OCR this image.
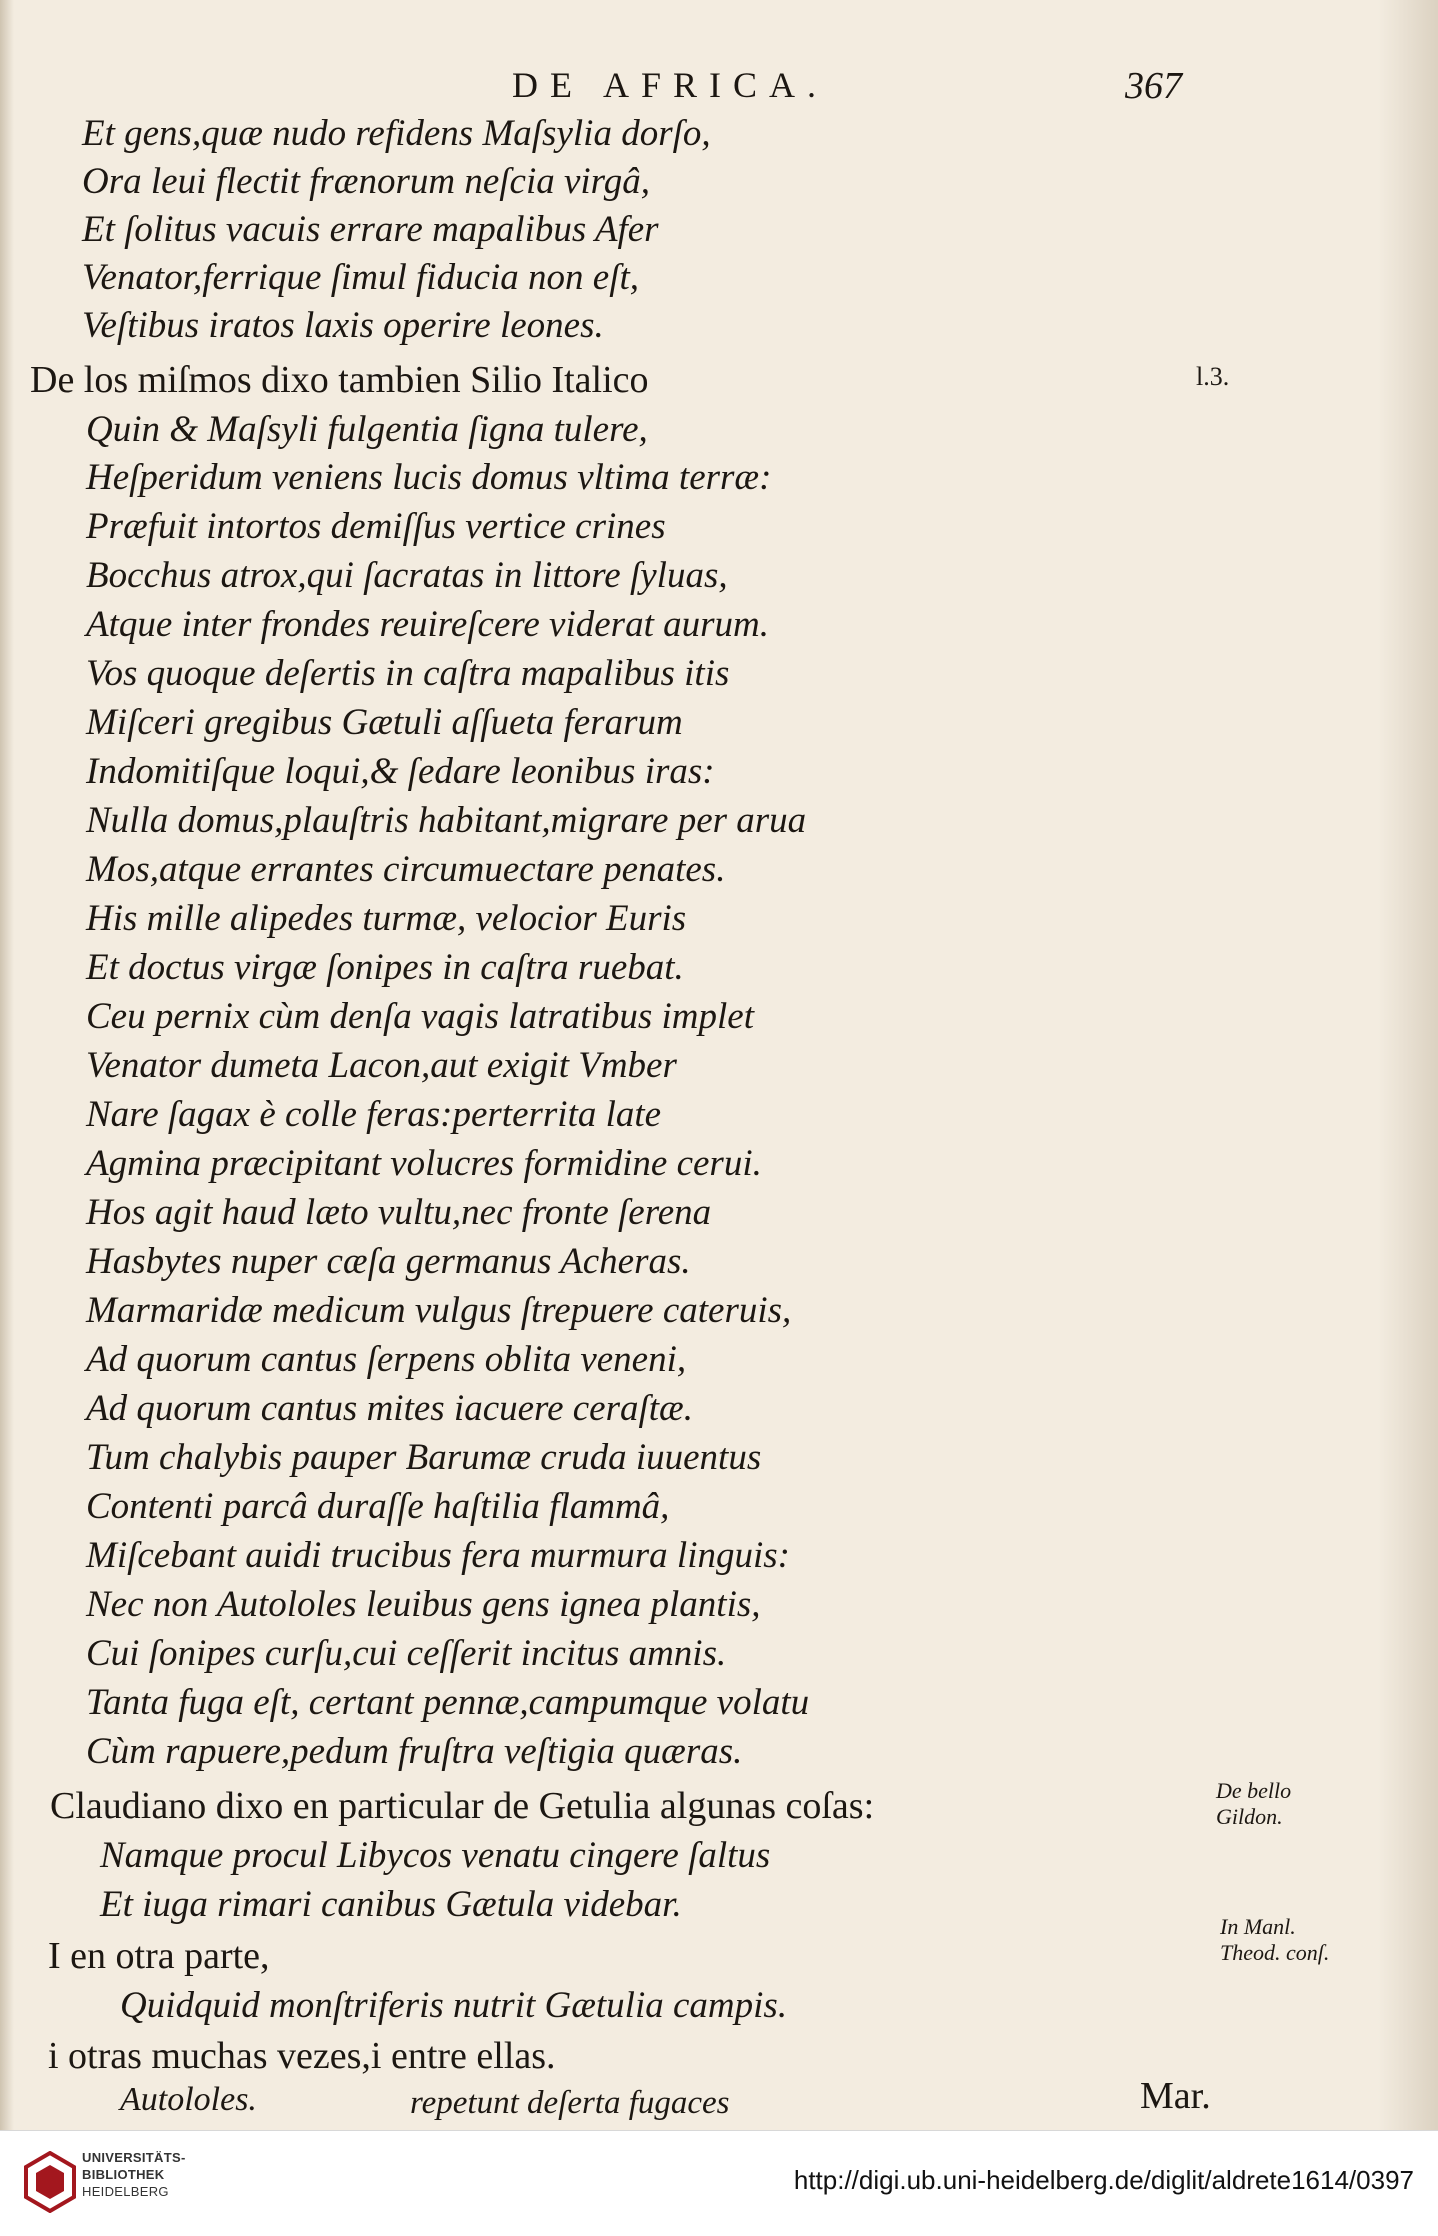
DE AFRICA.	367
Et gens,quæ nudo refidens Maſsylia dorſo,
Ora leui flectit frænorum neſcia virgâ,
Et ſolitus vacuis errare mapalibus Afer
Venator,ferrique ſimul fiducia non eſt,
Veſtibus iratos laxis operire leones.
De los miſmos dixo tambien Silio Italico
Quin & Maſsyli fulgentia ſigna tulere,
Heſperidum veniens lucis domus vltima terræ:
Præfuit intortos demiſſus vertice crines
Bocchus atrox,qui ſacratas in littore ſyluas,
Atque inter frondes reuireſcere viderat aurum.
Vos quoque deſertis in caſtra mapalibus itis
Miſceri gregibus Gætuli aſſueta ferarum
Indomitiſque loqui,& ſedare leonibus iras:
Nulla domus,plauſtris habitant,migrare per arua
Mos,atque errantes circumuectare penates.
His mille alipedes turmæ, velocior Euris
Et doctus virgæ ſonipes in caſtra ruebat.
Ceu pernix cùm denſa vagis latratibus implet
Venator dumeta Lacon,aut exigit Vmber
Nare ſagax è colle feras:perterrita late
Agmina præcipitant volucres formidine cerui.
Hos agit haud læto vultu,nec fronte ſerena
Hasbytes nuper cæſa germanus Acheras.
Marmaridæ medicum vulgus ſtrepuere cateruis,
Ad quorum cantus ſerpens oblita veneni,
Ad quorum cantus mites iacuere ceraſtæ.
Tum chalybis pauper Barumæ cruda iuuentus
Contenti parcâ duraſſe haſtilia flammâ,
Miſcebant auidi trucibus fera murmura linguis:
Nec non Autololes leuibus gens ignea plantis,
Cui ſonipes curſu,cui ceſſerit incitus amnis.
Tanta fuga eſt, certant pennæ,campumque volatu
Cùm rapuere,pedum fruſtra veſtigia quæras.
Claudiano dixo en particular de Getulia algunas coſas:
Namque procul Libycos venatu cingere ſaltus
Et iuga rimari canibus Gætula videbar.
I en otra parte,
Quidquid monſtriferis nutrit Gætulia campis.
i otras muchas vezes,i entre ellas.
repetunt deſerta fugaces
l.3.
De bello
Gildon.
In Manl.
Theod. conſ.
UNIVERSITÄTS-
BIBLIOTHEK
HEIDELBERG	http://digi.ub.uni-heidelberg.de/diglit/aldrete1614/0397
Autololes.	Mar.
